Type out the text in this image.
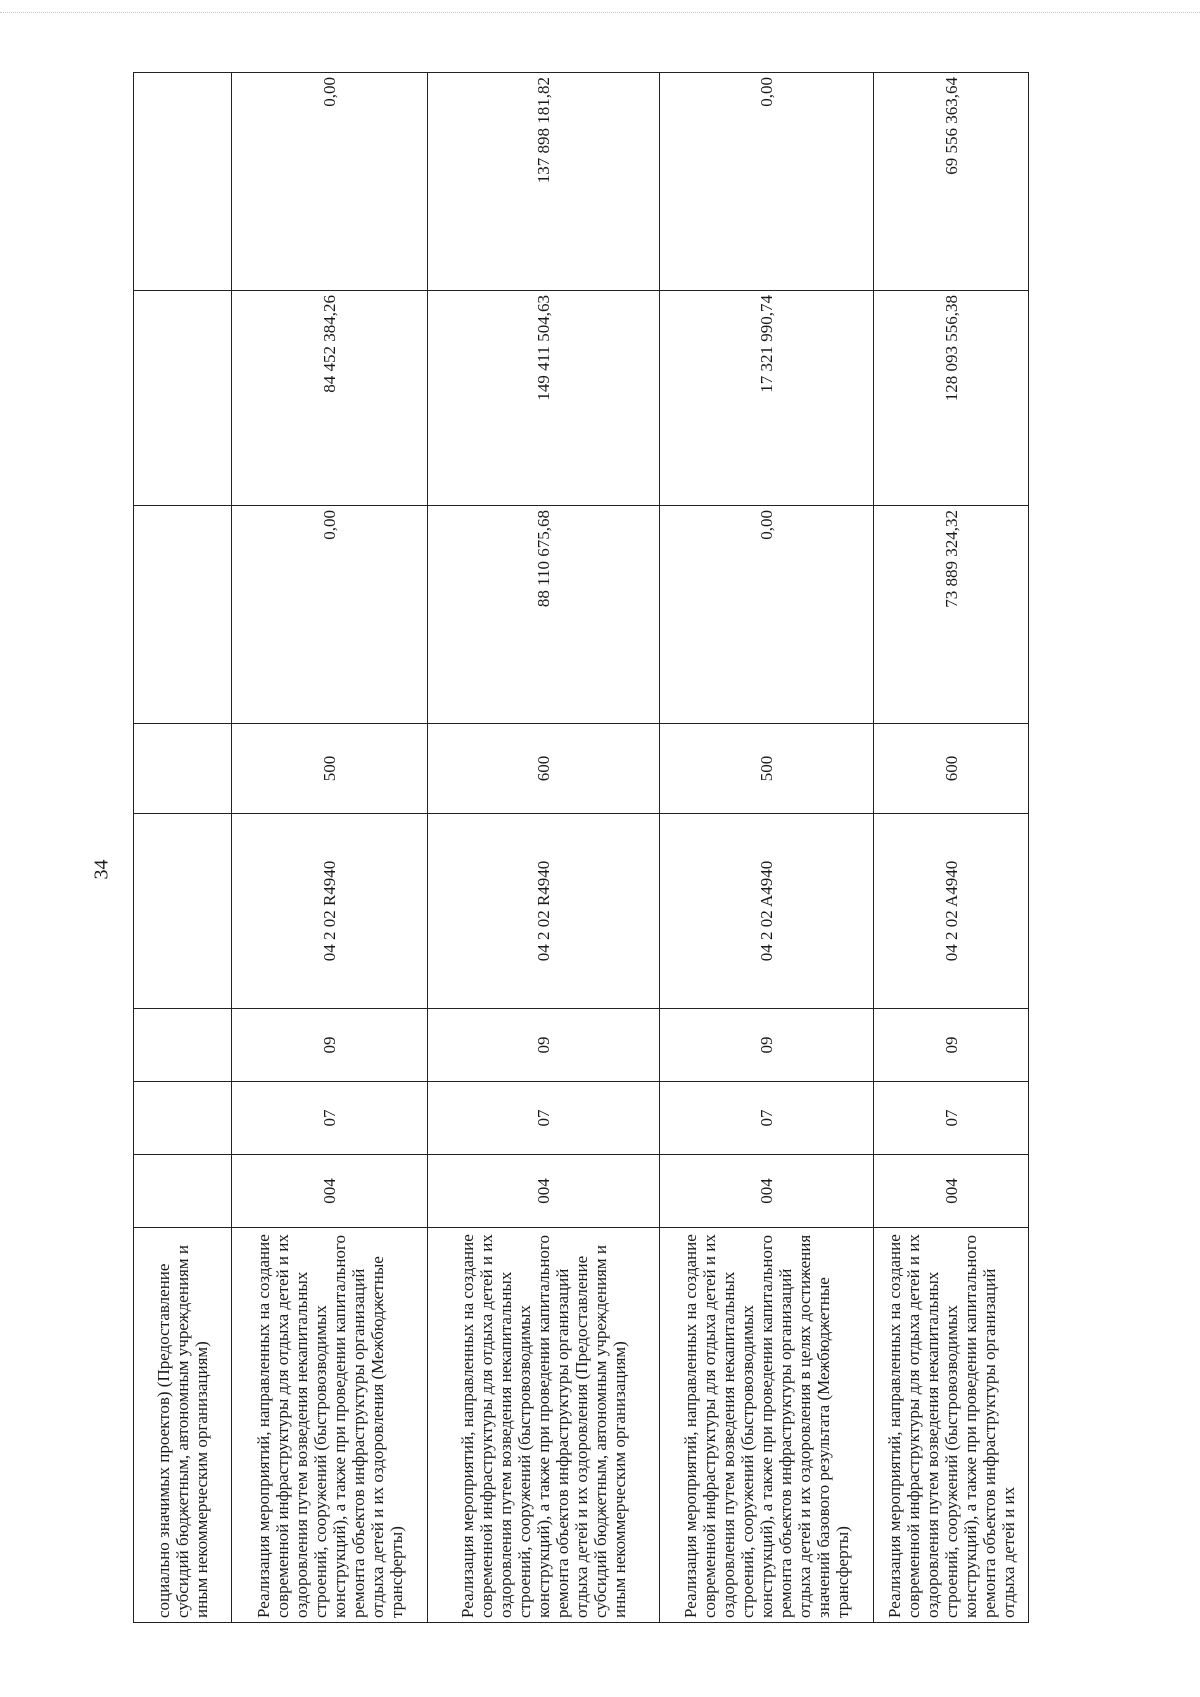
34
социально значимых проектов) (Предоставление субсидий бюджетным, автономным учреждениям и иным некоммерческим организациям)								
Реализация мероприятий, направленных на создание современной инфраструктуры для отдыха детей и их оздоровления путем возведения некапитальных строений, сооружений (быстровозводимых конструкций), а также при проведении капитального ремонта объектов инфраструктуры организаций отдыха детей и их оздоровления (Межбюджетные трансферты)	004	07	09	04 2 02 R4940	500	0,00	84 452 384,26	0,00
Реализация мероприятий, направленных на создание современной инфраструктуры для отдыха детей и их оздоровления путем возведения некапитальных строений, сооружений (быстровозводимых конструкций), а также при проведении капитального ремонта объектов инфраструктуры организаций отдыха детей и их оздоровления (Предоставление субсидий бюджетным, автономным учреждениям и иным некоммерческим организациям)	004	07	09	04 2 02 R4940	600	88 110 675,68	149 411 504,63	137 898 181,82
Реализация мероприятий, направленных на создание современной инфраструктуры для отдыха детей и их оздоровления путем возведения некапитальных строений, сооружений (быстровозводимых конструкций), а также при проведении капитального ремонта объектов инфраструктуры организаций отдыха детей и их оздоровления в целях достижения значений базового результата (Межбюджетные трансферты)	004	07	09	04 2 02 A4940	500	0,00	17 321 990,74	0,00
Реализация мероприятий, направленных на создание современной инфраструктуры для отдыха детей и их оздоровления путем возведения некапитальных строений, сооружений (быстровозводимых конструкций), а также при проведении капитального ремонта объектов инфраструктуры организаций отдыха детей и их	004	07	09	04 2 02 A4940	600	73 889 324,32	128 093 556,38	69 556 363,64
